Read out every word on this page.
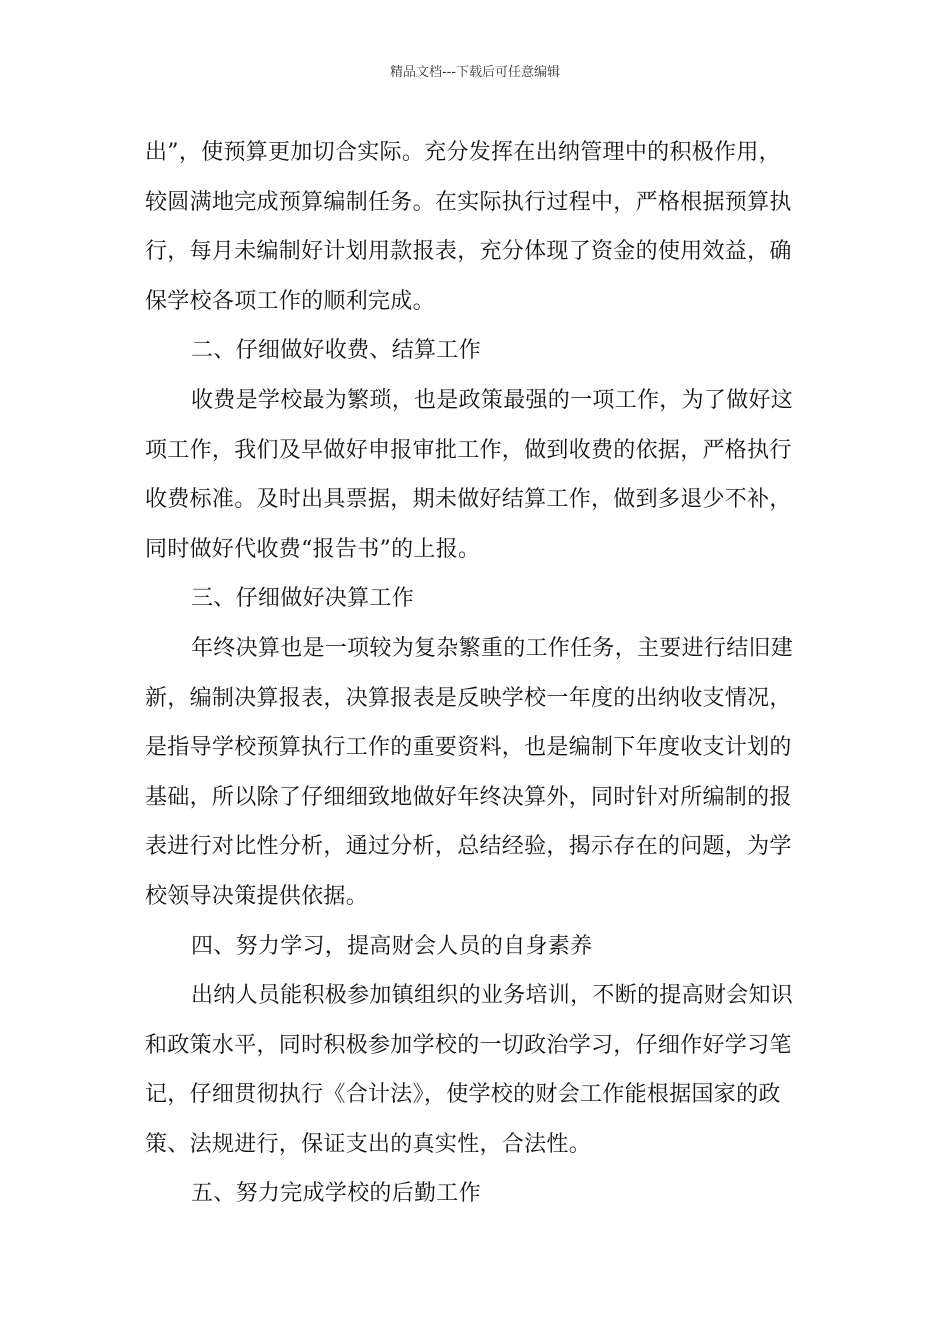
精品文档---下载后可任意编辑
出”，使预算更加切合实际。充分发挥在出纳管理中的积极作用，
较圆满地完成预算编制任务。在实际执行过程中，严格根据预算执
行，每月未编制好计划用款报表，充分体现了资金的使用效益，确
保学校各项工作的顺利完成。
二、仔细做好收费、结算工作
收费是学校最为繁琐，也是政策最强的一项工作，为了做好这
项工作，我们及早做好申报审批工作，做到收费的依据，严格执行
收费标准。及时出具票据，期未做好结算工作，做到多退少不补，
同时做好代收费“报告书”的上报。
三、仔细做好决算工作
年终决算也是一项较为复杂繁重的工作任务，主要进行结旧建
新，编制决算报表，决算报表是反映学校一年度的出纳收支情况，
是指导学校预算执行工作的重要资料，也是编制下年度收支计划的
基础，所以除了仔细细致地做好年终决算外，同时针对所编制的报
表进行对比性分析，通过分析，总结经验，揭示存在的问题，为学
校领导决策提供依据。
四、努力学习，提高财会人员的自身素养
出纳人员能积极参加镇组织的业务培训，不断的提高财会知识
和政策水平，同时积极参加学校的一切政治学习，仔细作好学习笔
记，仔细贯彻执行《合计法》，使学校的财会工作能根据国家的政
策、法规进行，保证支出的真实性，合法性。
五、努力完成学校的后勤工作
